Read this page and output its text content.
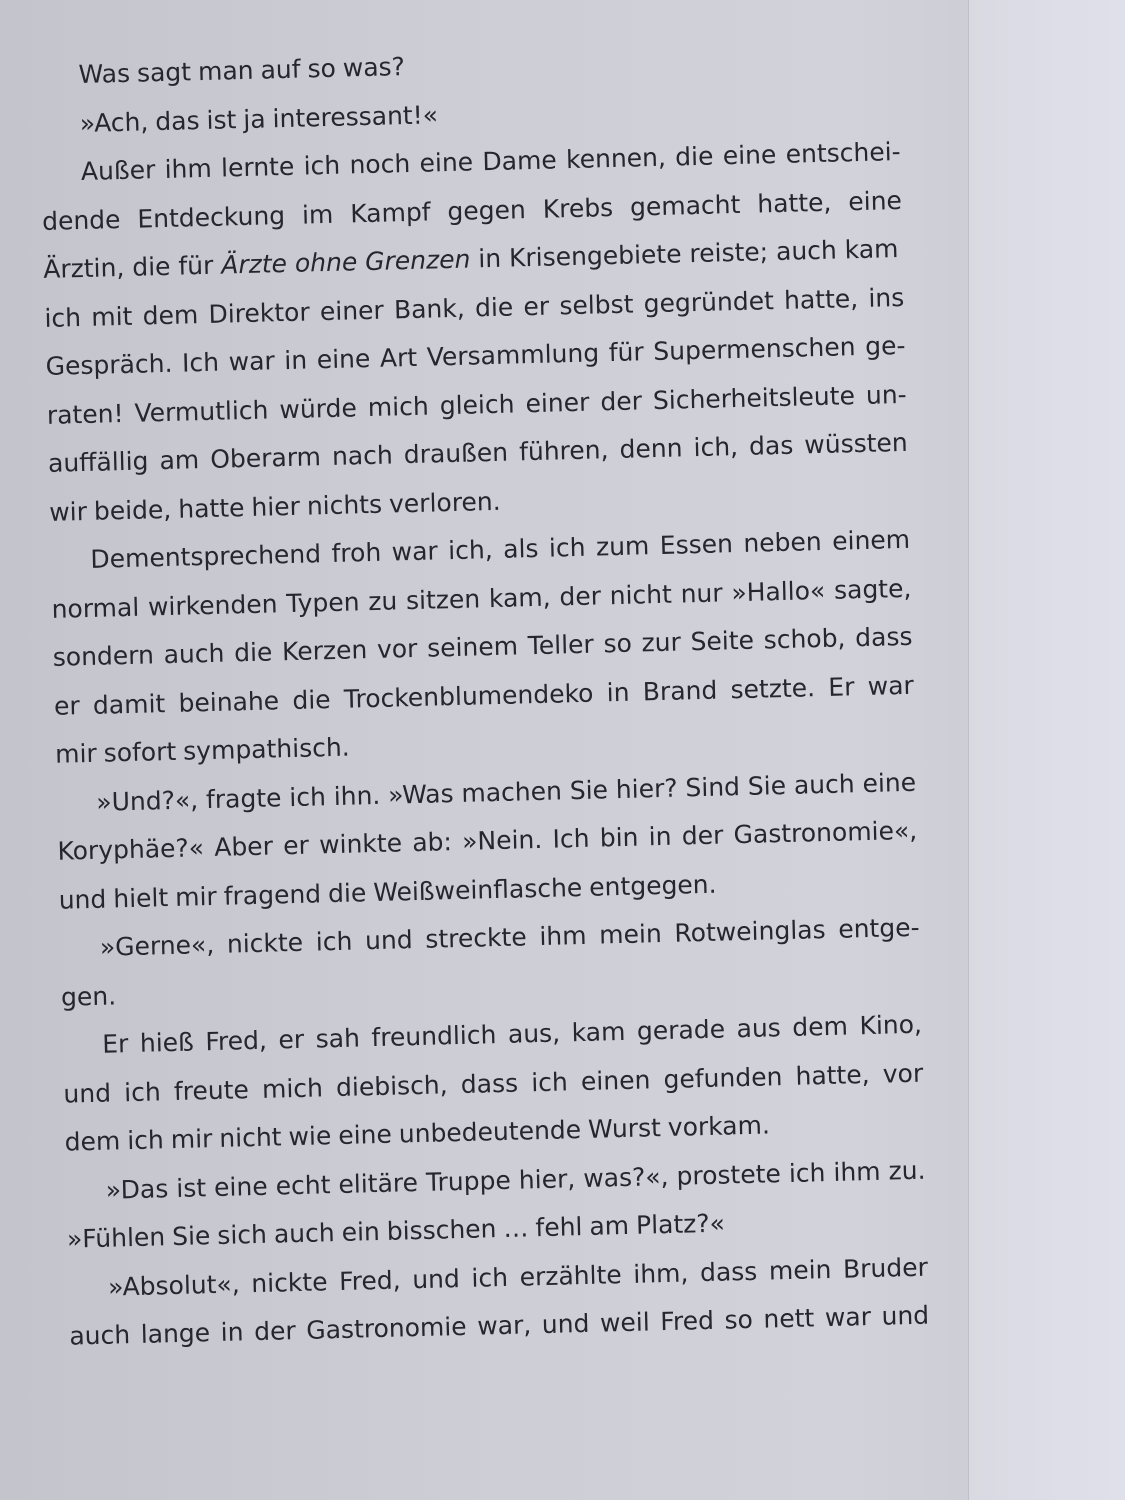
Was sagt man auf so was?
»Ach, das ist ja interessant!«
Außer ihm lernte ich noch eine Dame kennen, die eine entschei-
dende Entdeckung im Kampf gegen Krebs gemacht hatte, eine
Ärztin, die für Ärzte ohne Grenzen in Krisengebiete reiste; auch kam
ich mit dem Direktor einer Bank, die er selbst gegründet hatte, ins
Gespräch. Ich war in eine Art Versammlung für Supermenschen ge-
raten! Vermutlich würde mich gleich einer der Sicherheitsleute un-
auffällig am Oberarm nach draußen führen, denn ich, das wüssten
wir beide, hatte hier nichts verloren.
Dementsprechend froh war ich, als ich zum Essen neben einem
normal wirkenden Typen zu sitzen kam, der nicht nur »Hallo« sagte,
sondern auch die Kerzen vor seinem Teller so zur Seite schob, dass
er damit beinahe die Trockenblumendeko in Brand setzte. Er war
mir sofort sympathisch.
»Und?«, fragte ich ihn. »Was machen Sie hier? Sind Sie auch eine
Koryphäe?« Aber er winkte ab: »Nein. Ich bin in der Gastronomie«,
und hielt mir fragend die Weißweinflasche entgegen.
»Gerne«, nickte ich und streckte ihm mein Rotweinglas entge-
gen.
Er hieß Fred, er sah freundlich aus, kam gerade aus dem Kino,
und ich freute mich diebisch, dass ich einen gefunden hatte, vor
dem ich mir nicht wie eine unbedeutende Wurst vorkam.
»Das ist eine echt elitäre Truppe hier, was?«, prostete ich ihm zu.
»Fühlen Sie sich auch ein bisschen … fehl am Platz?«
»Absolut«, nickte Fred, und ich erzählte ihm, dass mein Bruder
auch lange in der Gastronomie war, und weil Fred so nett war und
